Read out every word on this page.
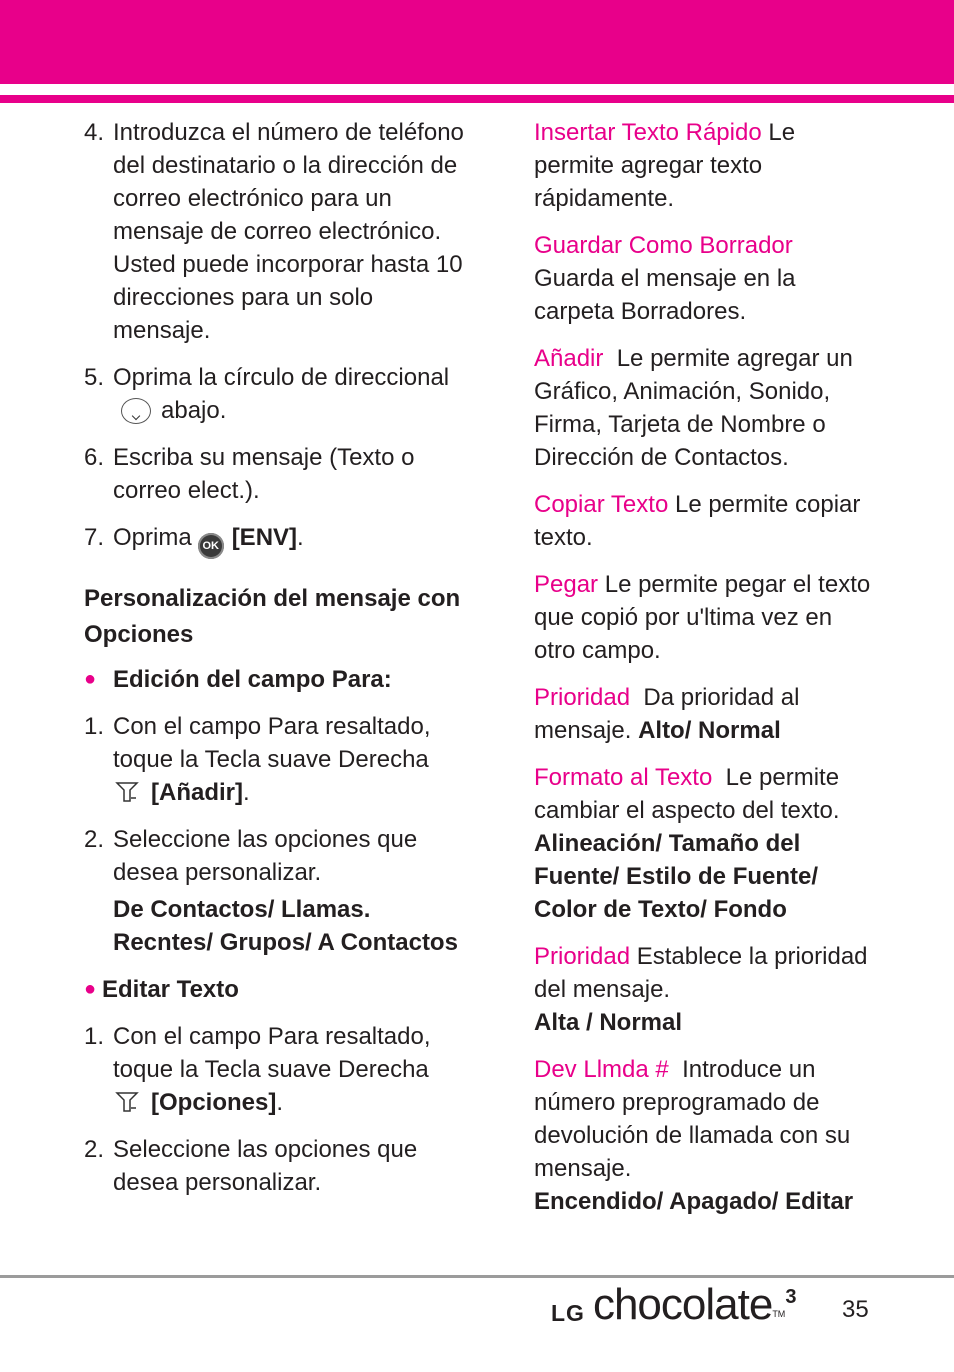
4. Introduzca el número de teléfono del destinatario o la dirección de correo electrónico para un mensaje de correo electrónico. Usted puede incorporar hasta 10 direcciones para un solo mensaje.
5. Oprima la círculo de direccional
abajo.
6. Escriba su mensaje (Texto o correo elect.).
7. Oprima OK [ENV].
Personalización del mensaje con Opciones
● Edición del campo Para:
1. Con el campo Para resaltado, toque la Tecla suave Derecha
[Añadir].
2. Seleccione las opciones que desea personalizar.
De Contactos/ Llamas. Recntes/ Grupos/ A Contactos
● Editar Texto
1. Con el campo Para resaltado, toque la Tecla suave Derecha
[Opciones].
2. Seleccione las opciones que desea personalizar.
Insertar Texto Rápido Le permite agregar texto rápidamente.
Guardar Como Borrador Guarda el mensaje en la carpeta Borradores.
Añadir  Le permite agregar un Gráfico, Animación, Sonido, Firma, Tarjeta de Nombre o Dirección de Contactos.
Copiar Texto Le permite copiar texto.
Pegar Le permite pegar el texto que copió por u'ltima vez en otro campo.
Prioridad  Da prioridad al mensaje. Alto/ Normal
Formato al Texto  Le permite cambiar el aspecto del texto.
Alineación/ Tamaño del Fuente/ Estilo de Fuente/ Color de Texto/ Fondo
Prioridad Establece la prioridad del mensaje.
Alta / Normal
Dev Llmda #  Introduce un número preprogramado de devolución de llamada con su mensaje.
Encendido/ Apagado/ Editar
LG chocolateTM3 35
